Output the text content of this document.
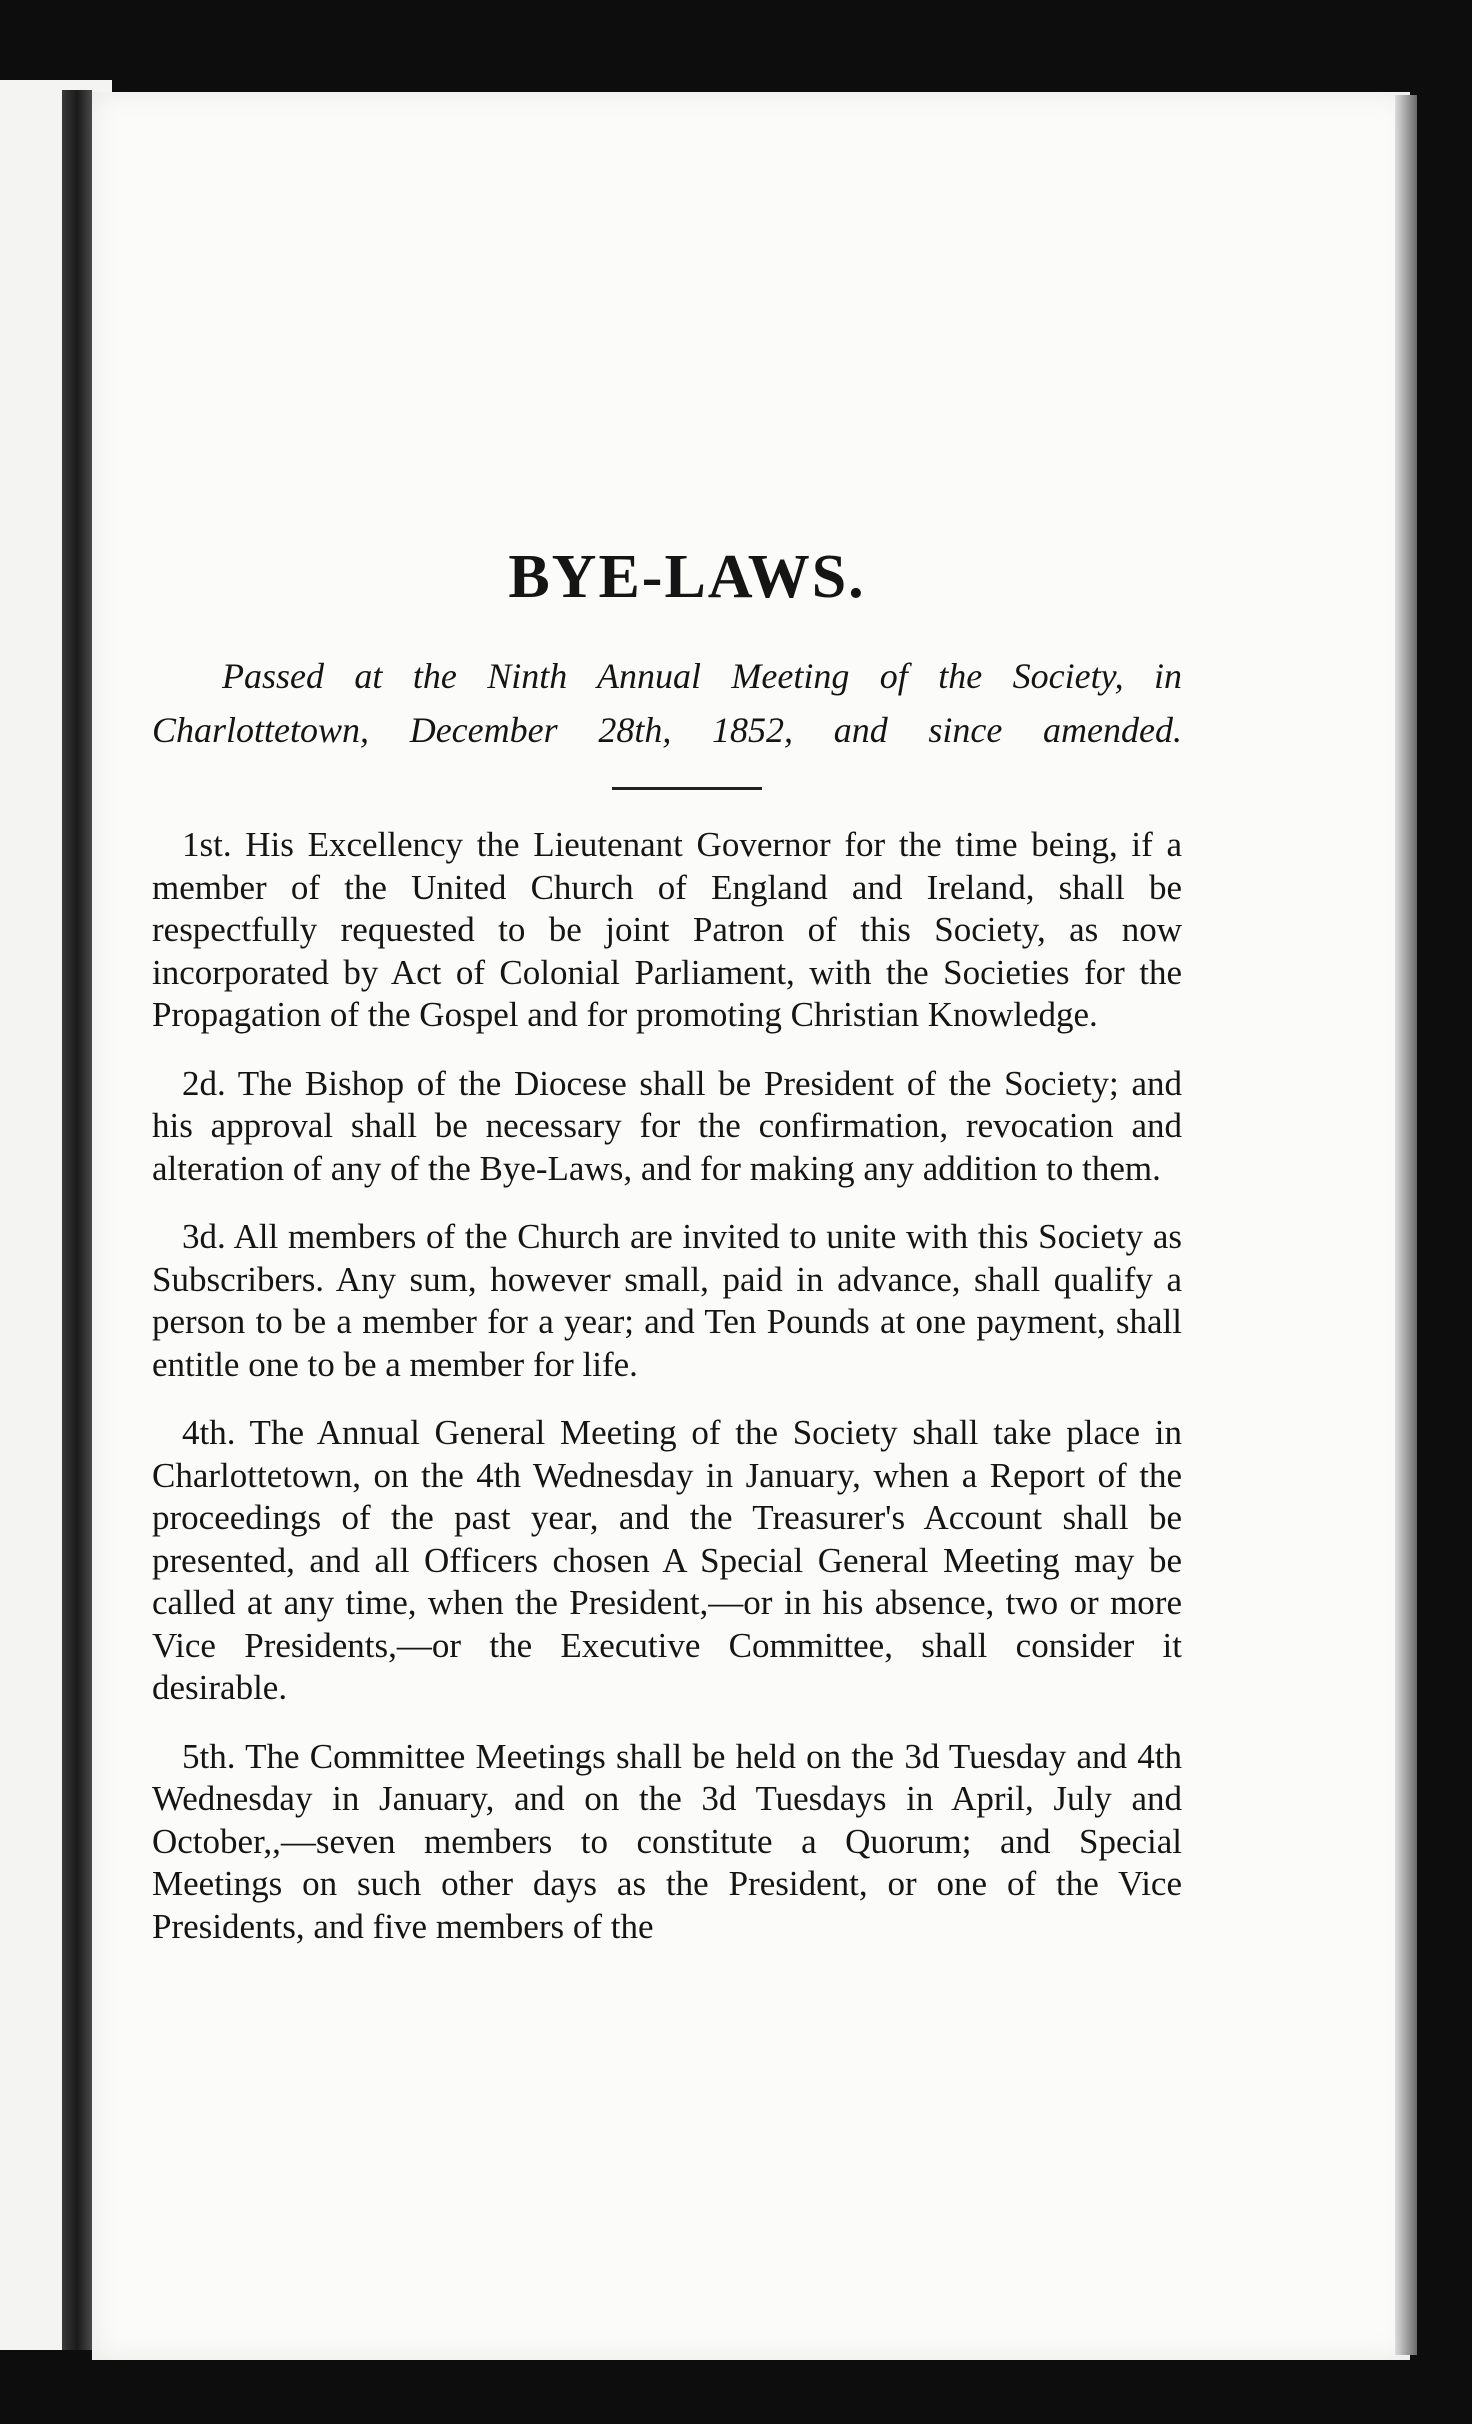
BYE-LAWS.

Passed at the Ninth Annual Meeting of the Society, in
Charlottetown, December 28th, 1852, and since amended.

1st. His Excellency the Lieutenant Governor for the time being, if a member of the United Church of England and Ireland, shall be respectfully requested to be joint Patron of this Society, as now incorporated by Act of Colonial Parliament, with the Societies for the Propagation of the Gospel and for promoting Christian Knowledge.

2d. The Bishop of the Diocese shall be President of the Society; and his approval shall be necessary for the confirmation, revocation and alteration of any of the Bye-Laws, and for making any addition to them.

3d. All members of the Church are invited to unite with this Society as Subscribers. Any sum, however small, paid in advance, shall qualify a person to be a member for a year; and Ten Pounds at one payment, shall entitle one to be a member for life.

4th. The Annual General Meeting of the Society shall take place in Charlottetown, on the 4th Wednesday in January, when a Report of the proceedings of the past year, and the Treasurer's Account shall be presented, and all Officers chosen A Special General Meeting may be called at any time, when the President,—or in his absence, two or more Vice Presidents,—or the Executive Committee, shall consider it desirable.

5th. The Committee Meetings shall be held on the 3d Tuesday and 4th Wednesday in January, and on the 3d Tuesdays in April, July and October,,—seven members to constitute a Quorum; and Special Meetings on such other days as the President, or one of the Vice Presidents, and five members of the
